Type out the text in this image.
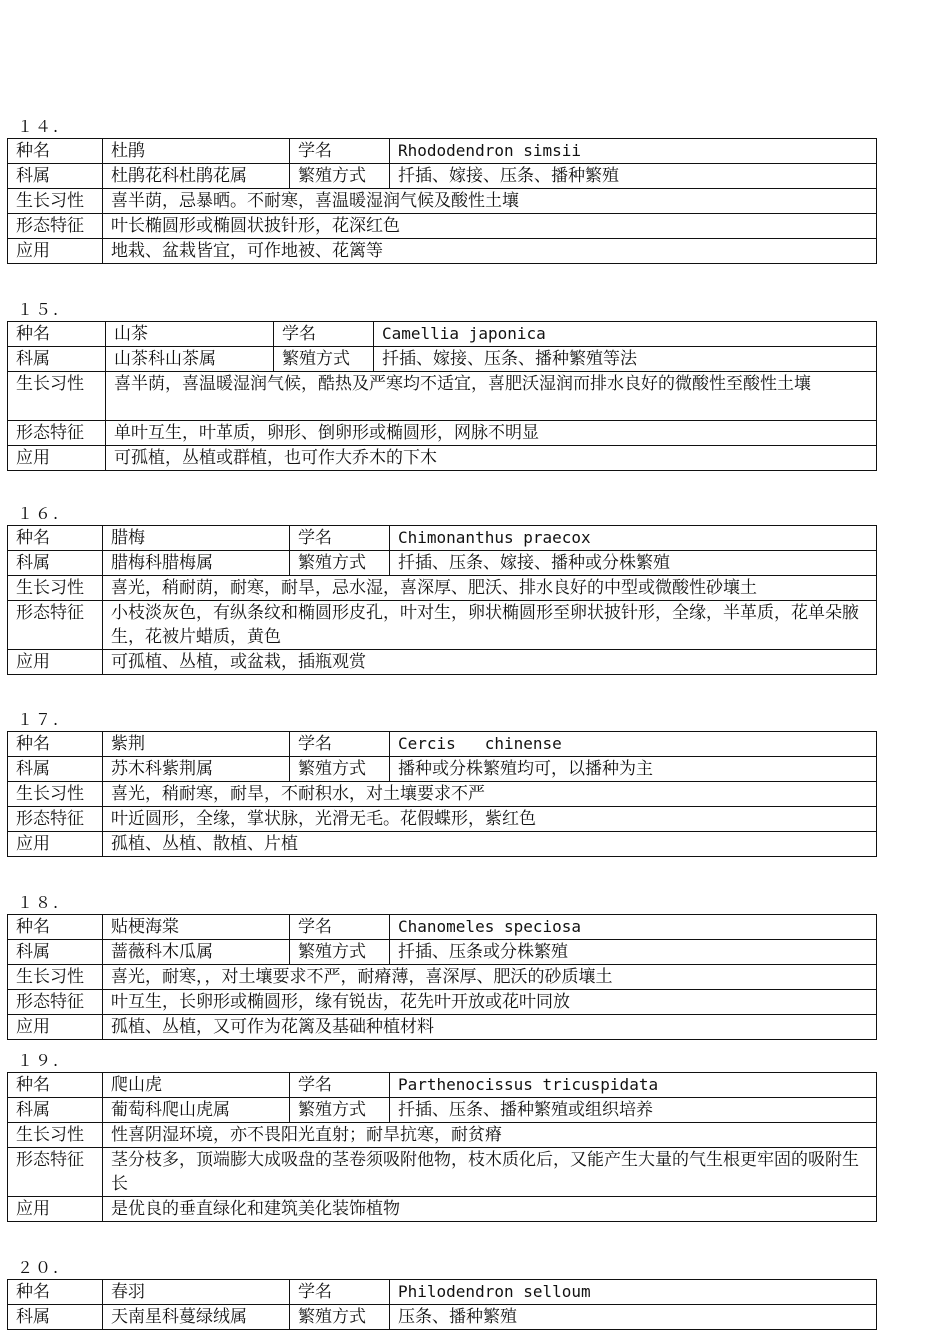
１４.
种名	杜鹃	学名	Rhododendron simsii
科属	杜鹃花科杜鹃花属	繁殖方式	扦插、嫁接、压条、播种繁殖
生长习性	喜半荫，忌暴晒。不耐寒，喜温暖湿润气候及酸性土壤		
形态特征	叶长椭圆形或椭圆状披针形，花深红色		
应用	地栽、盆栽皆宜，可作地被、花篱等		
１５.
种名	山茶	学名	Camellia japonica
科属	山茶科山茶属	繁殖方式	扦插、嫁接、压条、播种繁殖等法
生长习性	喜半荫，喜温暖湿润气候，酷热及严寒均不适宜，喜肥沃湿润而排水良好的微酸性至酸性土壤		
形态特征	单叶互生，叶革质，卵形、倒卵形或椭圆形，网脉不明显		
应用	可孤植，丛植或群植，也可作大乔木的下木		
１６.
种名	腊梅	学名	Chimonanthus praecox
科属	腊梅科腊梅属	繁殖方式	扦插、压条、嫁接、播种或分株繁殖
生长习性	喜光，稍耐荫，耐寒，耐旱，忌水湿，喜深厚、肥沃、排水良好的中型或微酸性砂壤土		
形态特征	小枝淡灰色，有纵条纹和椭圆形皮孔，叶对生，卵状椭圆形至卵状披针形，全缘，半革质，花单朵腋生，花被片蜡质，黄色		
应用	可孤植、丛植，或盆栽，插瓶观赏		
１７.
种名	紫荆	学名	Cercis   chinense
科属	苏木科紫荆属	繁殖方式	播种或分株繁殖均可，以播种为主
生长习性	喜光，稍耐寒，耐旱，不耐积水，对土壤要求不严		
形态特征	叶近圆形，全缘，掌状脉，光滑无毛。花假蝶形，紫红色		
应用	孤植、丛植、散植、片植		
１８.
种名	贴梗海棠	学名	Chanomeles speciosa
科属	蔷薇科木瓜属	繁殖方式	扦插、压条或分株繁殖
生长习性	喜光，耐寒，，对土壤要求不严，耐瘠薄，喜深厚、肥沃的砂质壤土		
形态特征	叶互生，长卵形或椭圆形，缘有锐齿，花先叶开放或花叶同放		
应用	孤植、丛植，又可作为花篱及基础种植材料		
１９.
种名	爬山虎	学名	Parthenocissus tricuspidata
科属	葡萄科爬山虎属	繁殖方式	扦插、压条、播种繁殖或组织培养
生长习性	性喜阴湿环境，亦不畏阳光直射；耐旱抗寒，耐贫瘠		
形态特征	茎分枝多，顶端膨大成吸盘的茎卷须吸附他物，枝木质化后，又能产生大量的气生根更牢固的吸附生长		
应用	是优良的垂直绿化和建筑美化装饰植物		
２０.
种名	春羽	学名	Philodendron selloum
科属	天南星科蔓绿绒属	繁殖方式	压条、播种繁殖
